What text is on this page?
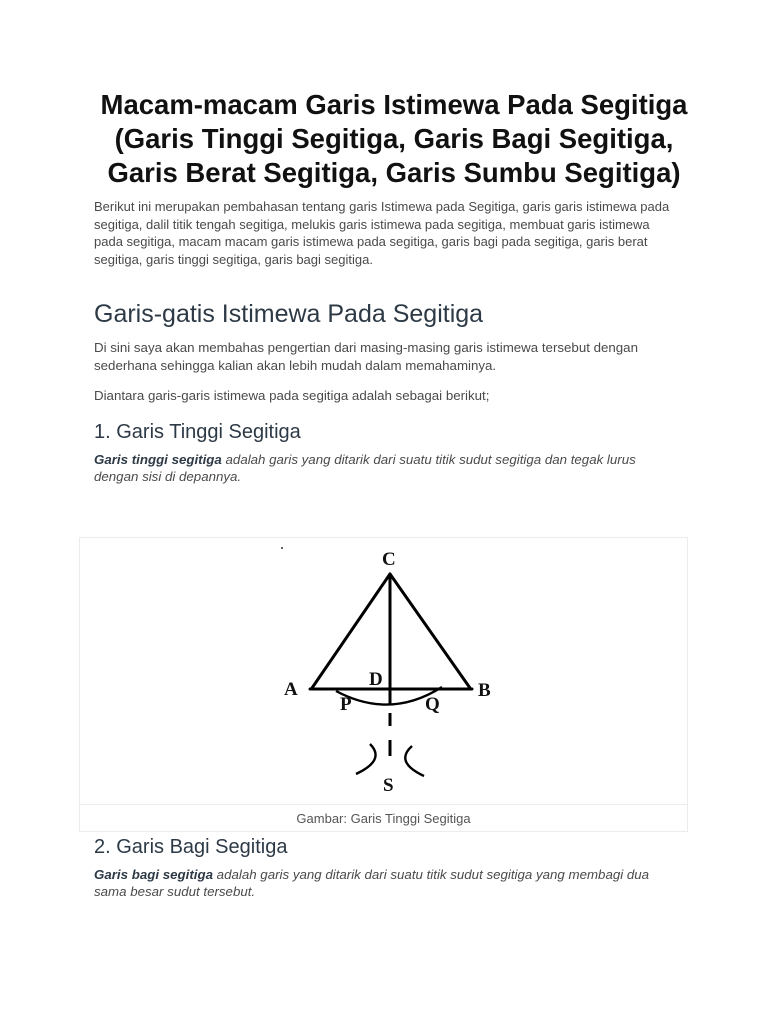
Macam-macam Garis Istimewa Pada Segitiga (Garis Tinggi Segitiga, Garis Bagi Segitiga, Garis Berat Segitiga, Garis Sumbu Segitiga)

Berikut ini merupakan pembahasan tentang garis Istimewa pada Segitiga, garis garis istimewa pada segitiga, dalil titik tengah segitiga, melukis garis istimewa pada segitiga, membuat garis istimewa pada segitiga, macam macam garis istimewa pada segitiga, garis bagi pada segitiga, garis berat segitiga, garis tinggi segitiga, garis bagi segitiga.

Garis-gatis Istimewa Pada Segitiga

Di sini saya akan membahas pengertian dari masing-masing garis istimewa tersebut dengan sederhana sehingga kalian akan lebih mudah dalam memahaminya.

Diantara garis-garis istimewa pada segitiga adalah sebagai berikut;

1. Garis Tinggi Segitiga

Garis tinggi segitiga adalah garis yang ditarik dari suatu titik sudut segitiga dan tegak lurus dengan sisi di depannya.

C
A	B
D
P	Q
S
Gambar: Garis Tinggi Segitiga
2. Garis Bagi Segitiga

Garis bagi segitiga adalah garis yang ditarik dari suatu titik sudut segitiga yang membagi dua sama besar sudut tersebut.
